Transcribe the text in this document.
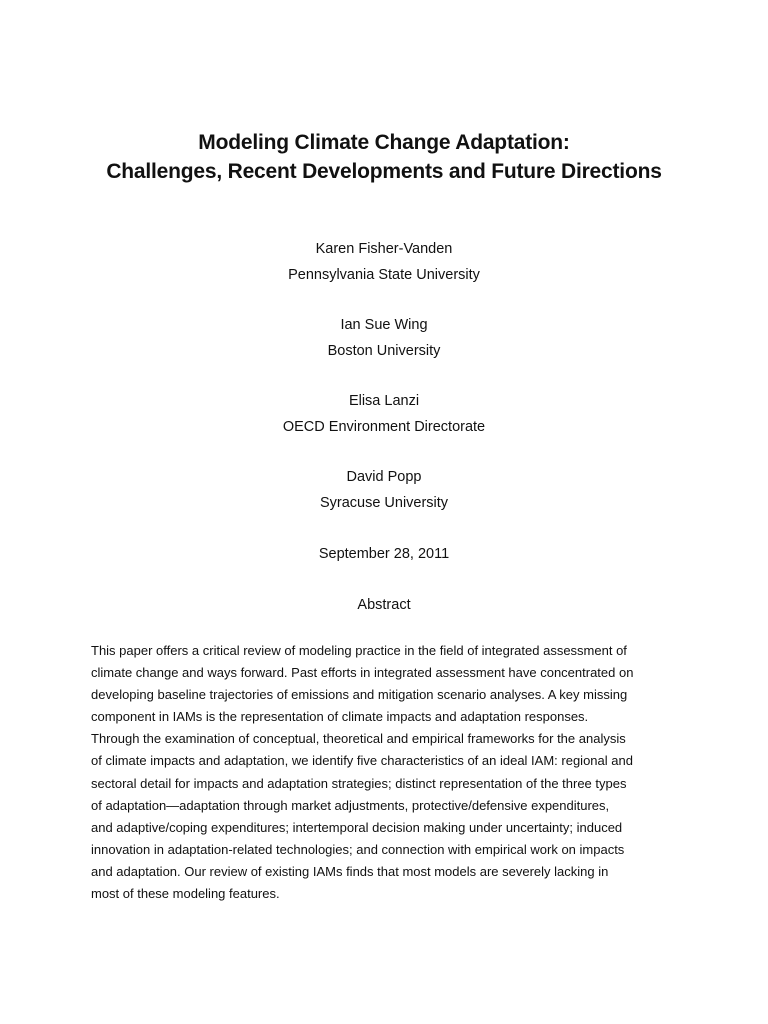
Modeling Climate Change Adaptation:
Challenges, Recent Developments and Future Directions
Karen Fisher-Vanden
Pennsylvania State University
Ian Sue Wing
Boston University
Elisa Lanzi
OECD Environment Directorate
David Popp
Syracuse University
September 28, 2011
Abstract
This paper offers a critical review of modeling practice in the field of integrated assessment of
climate change and ways forward. Past efforts in integrated assessment have concentrated on
developing baseline trajectories of emissions and mitigation scenario analyses. A key missing
component in IAMs is the representation of climate impacts and adaptation responses.
Through the examination of conceptual, theoretical and empirical frameworks for the analysis
of climate impacts and adaptation, we identify five characteristics of an ideal IAM: regional and
sectoral detail for impacts and adaptation strategies; distinct representation of the three types
of adaptation—adaptation through market adjustments, protective/defensive expenditures,
and adaptive/coping expenditures; intertemporal decision making under uncertainty; induced
innovation in adaptation-related technologies; and connection with empirical work on impacts
and adaptation. Our review of existing IAMs finds that most models are severely lacking in
most of these modeling features.
